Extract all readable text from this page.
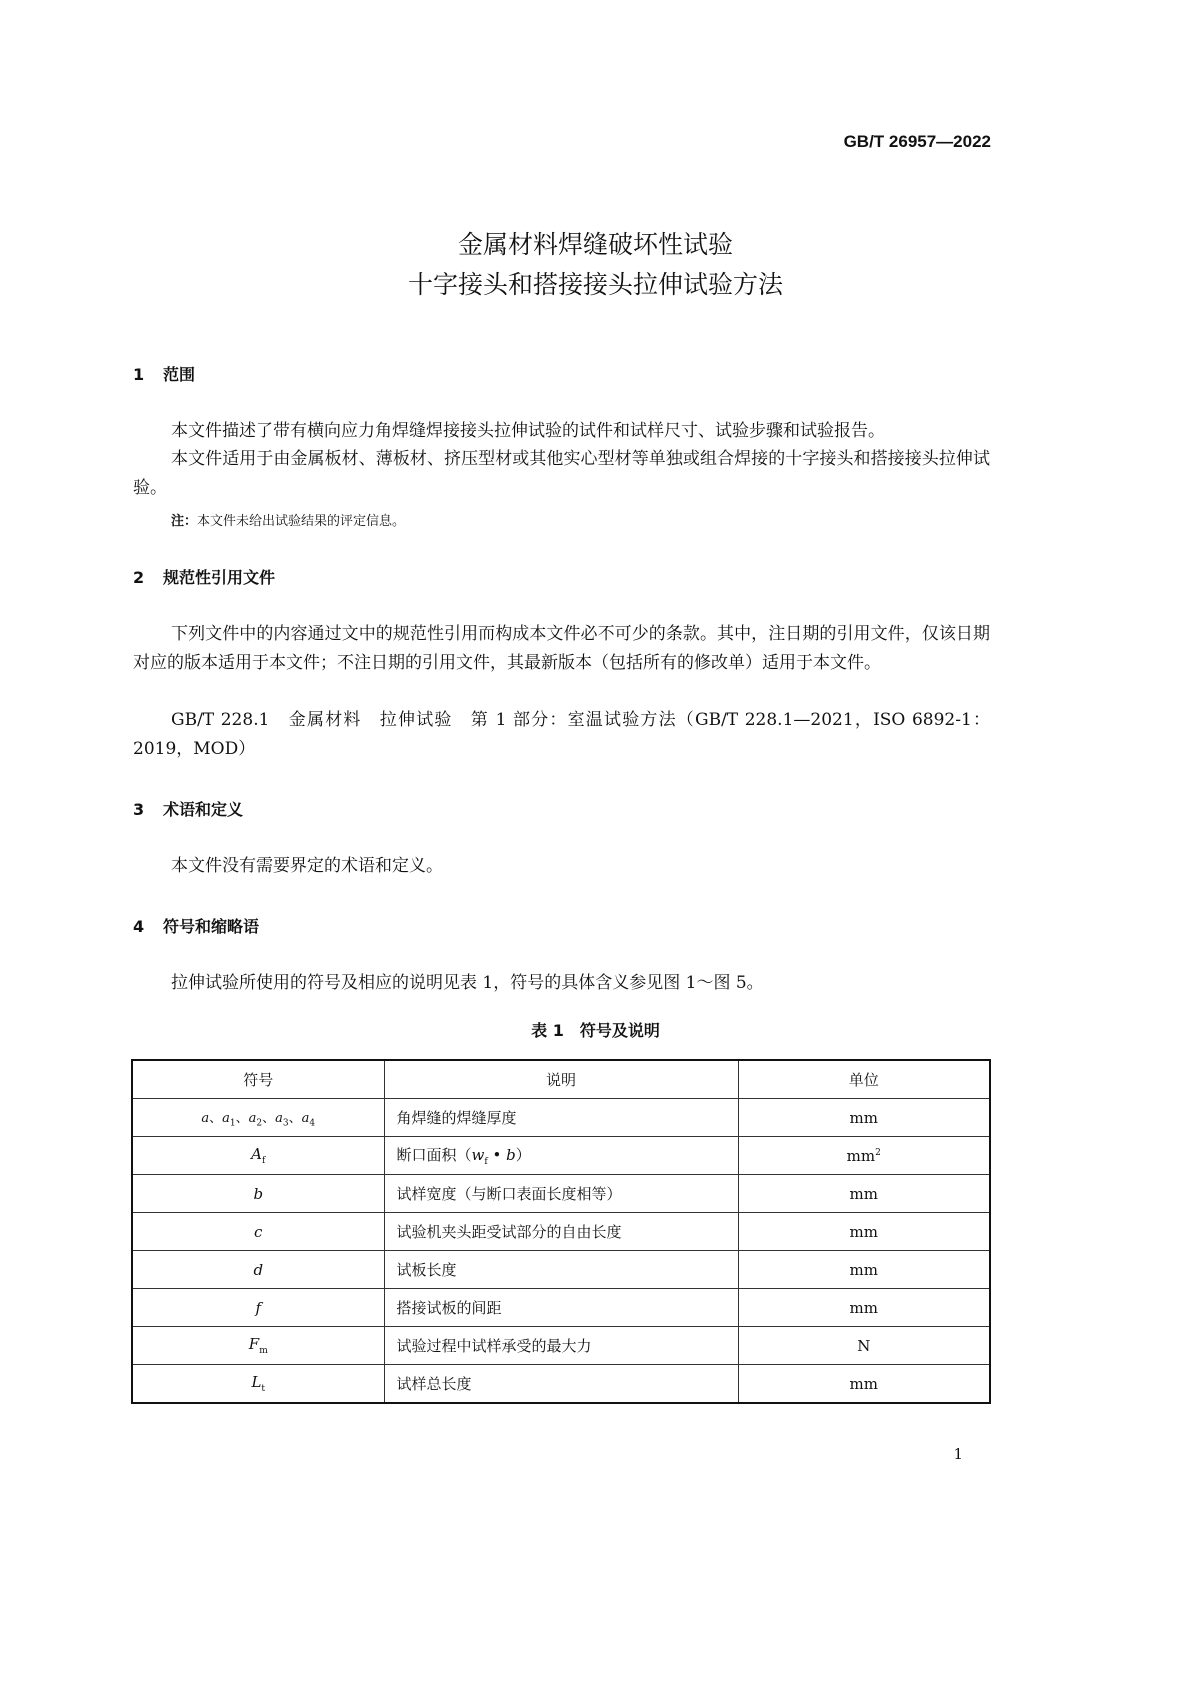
GB/T 26957—2022
金属材料焊缝破坏性试验
十字接头和搭接接头拉伸试验方法
1 范围
本文件描述了带有横向应力角焊缝焊接接头拉伸试验的试件和试样尺寸、试验步骤和试验报告。
本文件适用于由金属板材、薄板材、挤压型材或其他实心型材等单独或组合焊接的十字接头和搭接接头拉伸试验。
注：本文件未给出试验结果的评定信息。
2 规范性引用文件
下列文件中的内容通过文中的规范性引用而构成本文件必不可少的条款。其中，注日期的引用文件，仅该日期对应的版本适用于本文件；不注日期的引用文件，其最新版本（包括所有的修改单）适用于本文件。
GB/T 228.1　金属材料　拉伸试验　第 1 部分：室温试验方法（GB/T 228.1—2021，ISO 6892-1：2019，MOD）
3 术语和定义
本文件没有需要界定的术语和定义。
4 符号和缩略语
拉伸试验所使用的符号及相应的说明见表 1，符号的具体含义参见图 1～图 5。
表 1　符号及说明
符号	说明	单位
a、$a_1$、$a_2$、$a_3$、$a_4$	角焊缝的焊缝厚度	mm
$A_f$	断口面积（$w_f$ • b）	$mm^2$
b	试样宽度（与断口表面长度相等）	mm
c	试验机夹头距受试部分的自由长度	mm
d	试板长度	mm
f	搭接试板的间距	mm
$F_m$	试验过程中试样承受的最大力	N
$L_t$	试样总长度	mm
1
